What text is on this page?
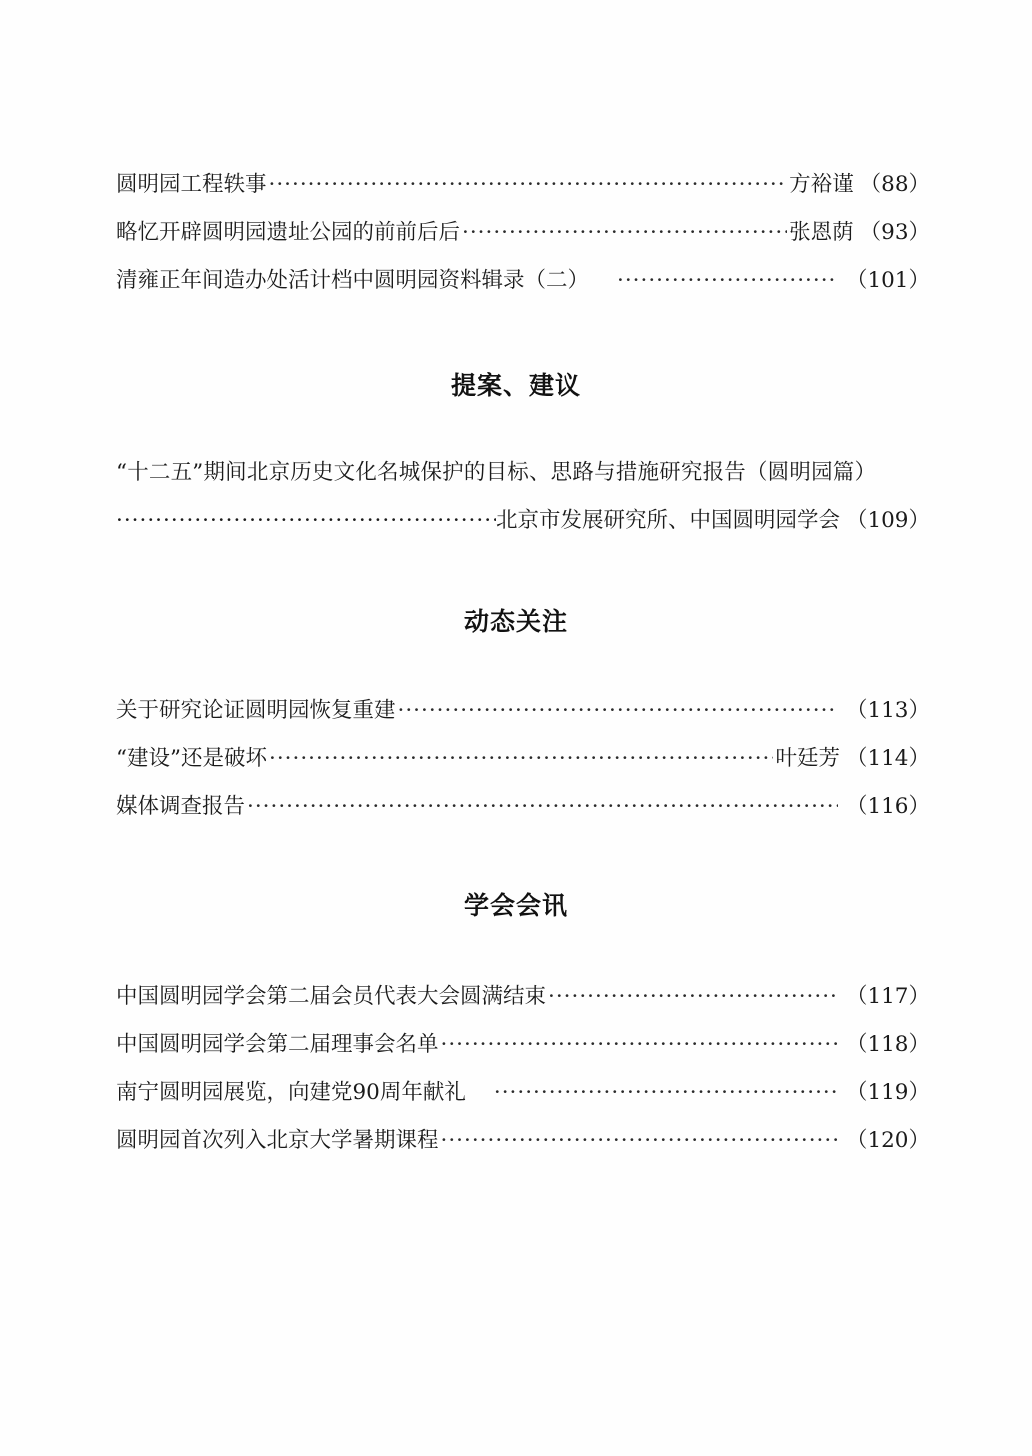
圆明园工程轶事 ·····	方裕谨 （88）
略忆开辟圆明园遗址公园的前前后后 ·····	张恩荫 （93）
清雍正年间造办处活计档中圆明园资料辑录（二） ·····	（101）
提案、建议
“十二五”期间北京历史文化名城保护的目标、思路与措施研究报告（圆明园篇）
·····
北京市发展研究所、中国圆明园学会 （109）
动态关注
关于研究论证圆明园恢复重建 ·····	（113）
“建设”还是破坏 ·····	叶廷芳 （114）
媒体调查报告 ·····	（116）
学会会讯
中国圆明园学会第二届会员代表大会圆满结束 ·····	（117）
中国圆明园学会第二届理事会名单 ·····	（118）
南宁圆明园展览，向建党90周年献礼 ·····	（119）
圆明园首次列入北京大学暑期课程 ·····	（120）
